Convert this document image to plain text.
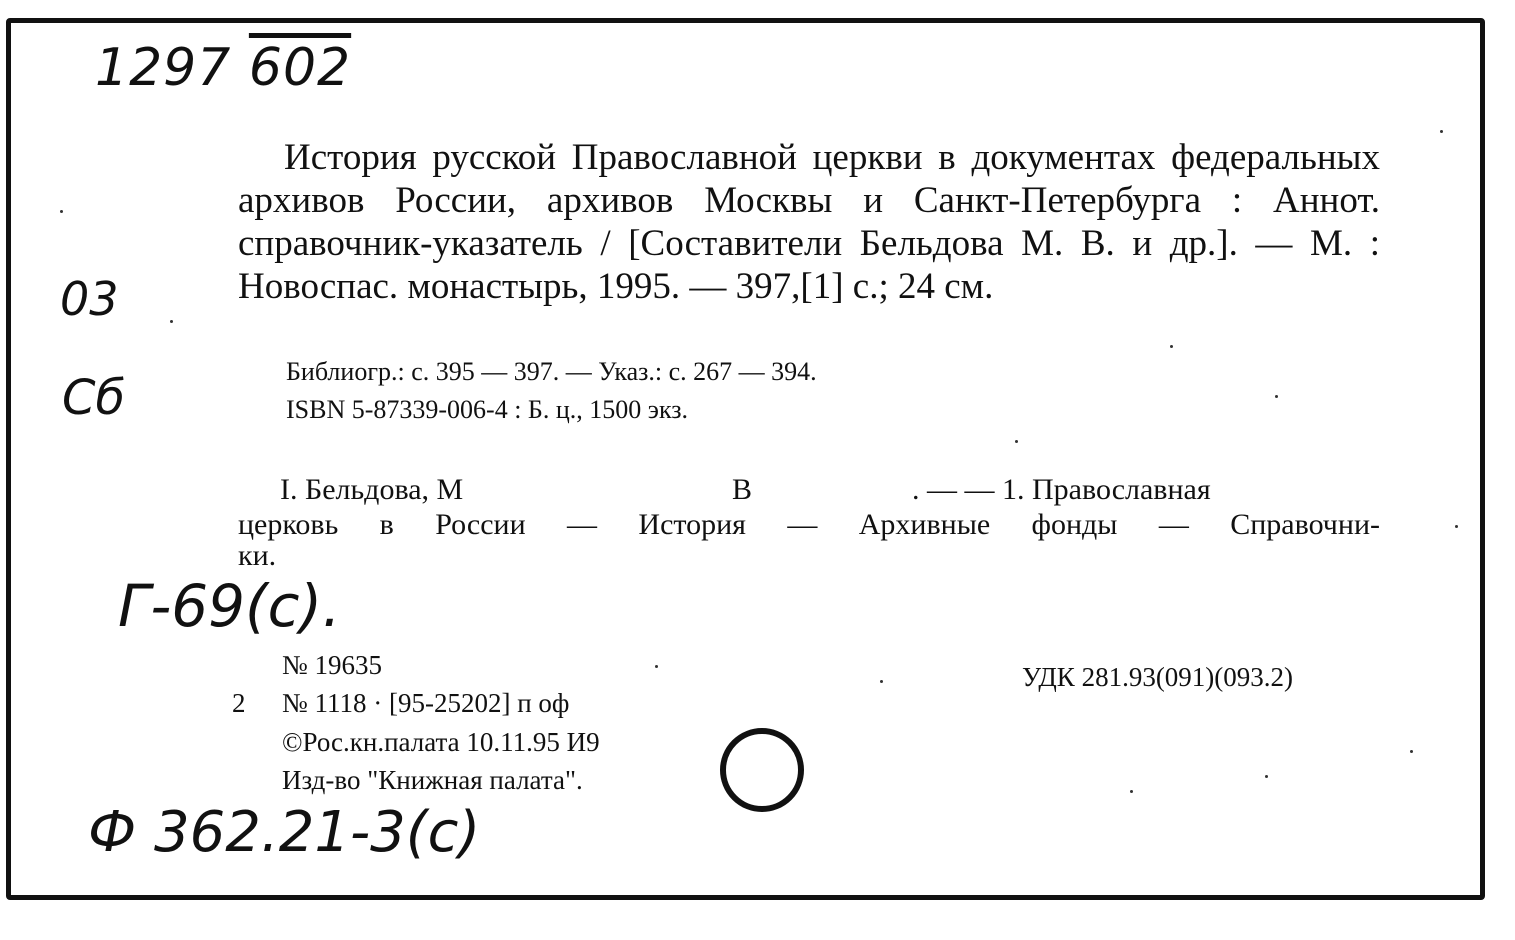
1297 602
03
Сб
История русской Православной церкви в документах федеральных архивов России, архивов Москвы и Санкт-Петербурга : Аннот. справочник-указатель / [Составители Бельдова М. В. и др.]. — М. : Новоспас. монастырь, 1995. — 397,[1] с.; 24 см.
Библиогр.: с. 395 — 397. — Указ.: с. 267 — 394.
ISBN 5-87339-006-4 : Б. ц., 1500 экз.
I. Бельдова, М	В	. — — 1. Православная
церковь в России — История — Архивные фонды — Справочни-
ки.
Г-69(с).
№ 19635
2 № 1118 · [95-25202] п оф
©Рос.кн.палата 10.11.95 И9
Изд-во "Книжная палата".
УДК 281.93(091)(093.2)
Ф 362.21-3(с)
